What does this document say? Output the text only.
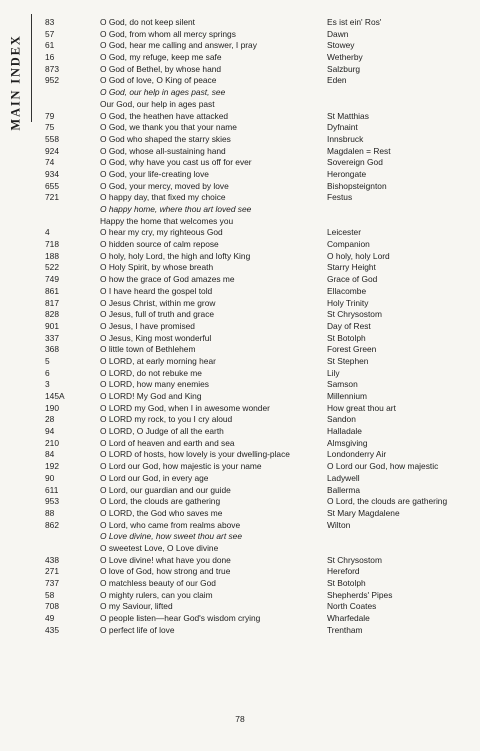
MAIN INDEX
83	O God, do not keep silent	Es ist ein' Ros'
57	O God, from whom all mercy springs	Dawn
61	O God, hear me calling and answer, I pray	Stowey
16	O God, my refuge, keep me safe	Wetherby
873	O God of Bethel, by whose hand	Salzburg
952	O God of love, O King of peace	Eden
O God, our help in ages past, see
Our God, our help in ages past
79	O God, the heathen have attacked	St Matthias
75	O God, we thank you that your name	Dyfnaint
558	O God who shaped the starry skies	Innsbruck
924	O God, whose all-sustaining hand	Magdalen = Rest
74	O God, why have you cast us off for ever	Sovereign God
934	O God, your life-creating love	Herongate
655	O God, your mercy, moved by love	Bishopsteignton
721	O happy day, that fixed my choice	Festus
O happy home, where thou art loved see
Happy the home that welcomes you
4	O hear my cry, my righteous God	Leicester
718	O hidden source of calm repose	Companion
188	O holy, holy Lord, the high and lofty King	O holy, holy Lord
522	O Holy Spirit, by whose breath	Starry Height
749	O how the grace of God amazes me	Grace of God
861	O I have heard the gospel told	Ellacombe
817	O Jesus Christ, within me grow	Holy Trinity
828	O Jesus, full of truth and grace	St Chrysostom
901	O Jesus, I have promised	Day of Rest
337	O Jesus, King most wonderful	St Botolph
368	O little town of Bethlehem	Forest Green
5	O LORD, at early morning hear	St Stephen
6	O LORD, do not rebuke me	Lily
3	O LORD, how many enemies	Samson
145A	O LORD! My God and King	Millennium
190	O LORD my God, when I in awesome wonder	How great thou art
28	O LORD my rock, to you I cry aloud	Sandon
94	O LORD, O Judge of all the earth	Halladale
210	O Lord of heaven and earth and sea	Almsgiving
84	O LORD of hosts, how lovely is your dwelling-place	Londonderry Air
192	O Lord our God, how majestic is your name	O Lord our God, how majestic
90	O Lord our God, in every age	Ladywell
611	O Lord, our guardian and our guide	Ballerma
953	O Lord, the clouds are gathering	O Lord, the clouds are gathering
88	O LORD, the God who saves me	St Mary Magdalene
862	O Lord, who came from realms above	Wilton
O Love divine, how sweet thou art see
O sweetest Love, O Love divine
438	O Love divine! what have you done	St Chrysostom
271	O love of God, how strong and true	Hereford
737	O matchless beauty of our God	St Botolph
58	O mighty rulers, can you claim	Shepherds' Pipes
708	O my Saviour, lifted	North Coates
49	O people listen—hear God's wisdom crying	Wharfedale
435	O perfect life of love	Trentham
78
